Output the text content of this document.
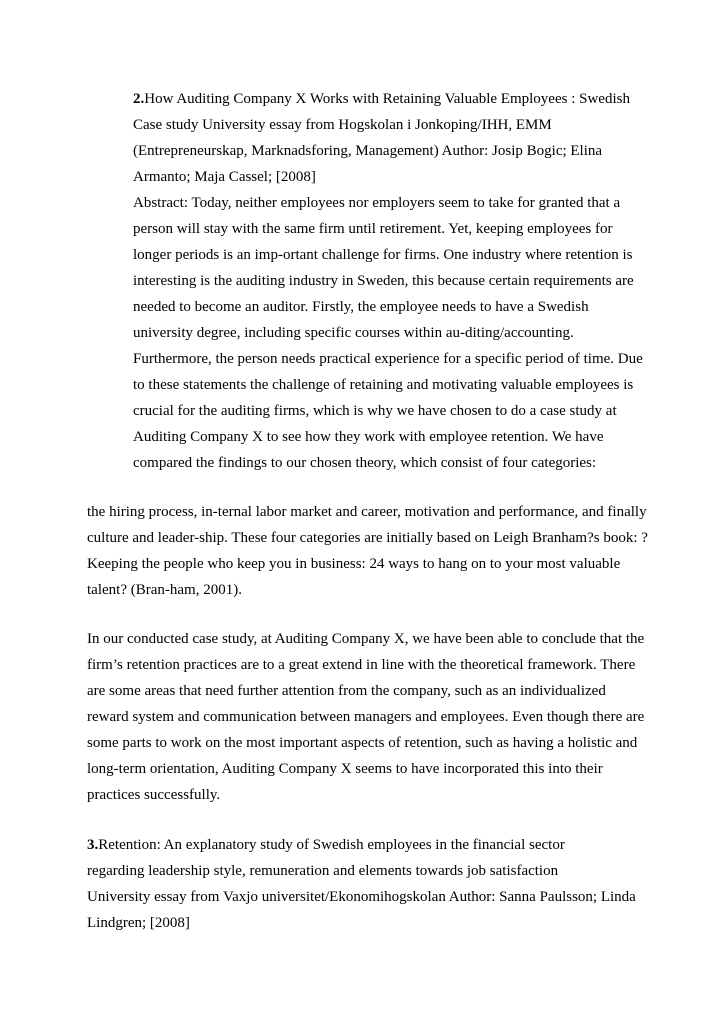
2.How Auditing Company X Works with Retaining Valuable Employees : Swedish
Case study University essay from Hogskolan i Jonkoping/IHH, EMM
(Entrepreneurskap, Marknadsforing, Management) Author: Josip Bogic; Elina
Armanto; Maja Cassel; [2008]
Abstract: Today, neither employees nor employers seem to take for granted that a
person will stay with the same firm until retirement. Yet, keeping employees for
longer periods is an imp-ortant challenge for firms. One industry where retention is
interesting is the auditing industry in Sweden, this because certain requirements are
needed to become an auditor. Firstly, the employee needs to have a Swedish
university degree, including specific courses within au-diting/accounting.
Furthermore, the person needs practical experience for a specific period of time. Due
to these statements the challenge of retaining and motivating valuable employees is
crucial for the auditing firms, which is why we have chosen to do a case study at
Auditing Company X to see how they work with employee retention. We have
compared the findings to our chosen theory, which consist of four categories:
the hiring process, in-ternal labor market and career, motivation and performance, and finally
culture and leader-ship. These four categories are initially based on Leigh Branham?s book: ?
Keeping the people who keep you in business: 24 ways to hang on to your most valuable
talent? (Bran-ham, 2001).
In our conducted case study, at Auditing Company X, we have been able to conclude that the
firm’s retention practices are to a great extend in line with the theoretical framework. There
are some areas that need further attention from the company, such as an individualized
reward system and communication between managers and employees. Even though there are
some parts to work on the most important aspects of retention, such as having a holistic and
long-term orientation, Auditing Company X seems to have incorporated this into their
practices successfully.
3.Retention: An explanatory study of Swedish employees in the financial sector
regarding leadership style, remuneration and elements towards job satisfaction
University essay from Vaxjo universitet/Ekonomihogskolan Author: Sanna Paulsson; Linda
Lindgren; [2008]
